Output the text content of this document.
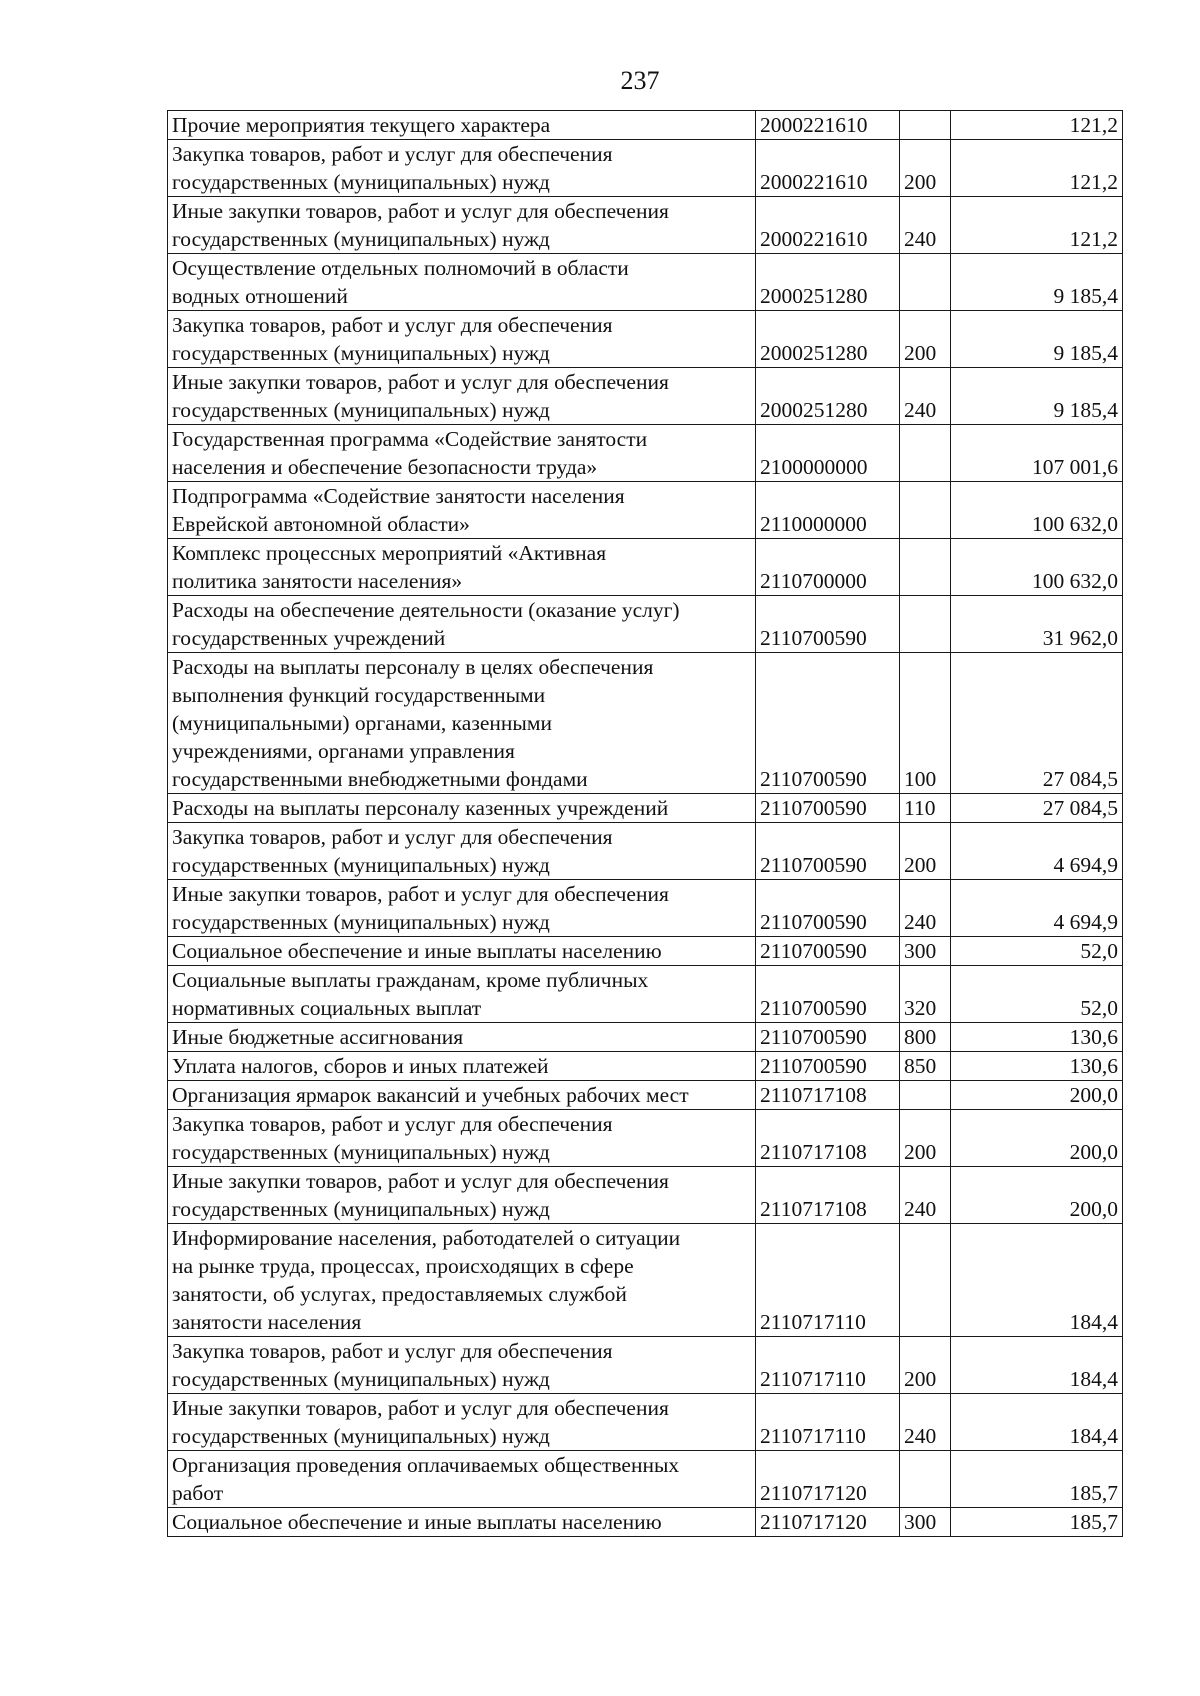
237
Прочие мероприятия текущего характера	2000221610		121,2

Закупка товаров, работ и услуг для обеспечения
государственных (муниципальных) нужд	2000221610	200	121,2

Иные закупки товаров, работ и услуг для обеспечения
государственных (муниципальных) нужд	2000221610	240	121,2

Осуществление отдельных полномочий в области
водных отношений	2000251280		9 185,4

Закупка товаров, работ и услуг для обеспечения
государственных (муниципальных) нужд	2000251280	200	9 185,4

Иные закупки товаров, работ и услуг для обеспечения
государственных (муниципальных) нужд	2000251280	240	9 185,4

Государственная программа «Содействие занятости
населения и обеспечение безопасности труда»	2100000000		107 001,6

Подпрограмма «Содействие занятости населения
Еврейской автономной области»	2110000000		100 632,0

Комплекс процессных мероприятий «Активная
политика занятости населения»	2110700000		100 632,0

Расходы на обеспечение деятельности (оказание услуг)
государственных учреждений	2110700590		31 962,0

Расходы на выплаты персоналу в целях обеспечения
выполнения функций государственными
(муниципальными) органами, казенными
учреждениями, органами управления
государственными внебюджетными фондами	2110700590	100	27 084,5

Расходы на выплаты персоналу казенных учреждений	2110700590	110	27 084,5

Закупка товаров, работ и услуг для обеспечения
государственных (муниципальных) нужд	2110700590	200	4 694,9

Иные закупки товаров, работ и услуг для обеспечения
государственных (муниципальных) нужд	2110700590	240	4 694,9

Социальное обеспечение и иные выплаты населению	2110700590	300	52,0

Социальные выплаты гражданам, кроме публичных
нормативных социальных выплат	2110700590	320	52,0

Иные бюджетные ассигнования	2110700590	800	130,6

Уплата налогов, сборов и иных платежей	2110700590	850	130,6

Организация ярмарок вакансий и учебных рабочих мест	2110717108		200,0

Закупка товаров, работ и услуг для обеспечения
государственных (муниципальных) нужд	2110717108	200	200,0

Иные закупки товаров, работ и услуг для обеспечения
государственных (муниципальных) нужд	2110717108	240	200,0

Информирование населения, работодателей о ситуации
на рынке труда, процессах, происходящих в сфере
занятости, об услугах, предоставляемых службой
занятости населения	2110717110		184,4

Закупка товаров, работ и услуг для обеспечения
государственных (муниципальных) нужд	2110717110	200	184,4

Иные закупки товаров, работ и услуг для обеспечения
государственных (муниципальных) нужд	2110717110	240	184,4

Организация проведения оплачиваемых общественных
работ	2110717120		185,7

Социальное обеспечение и иные выплаты населению	2110717120	300	185,7
